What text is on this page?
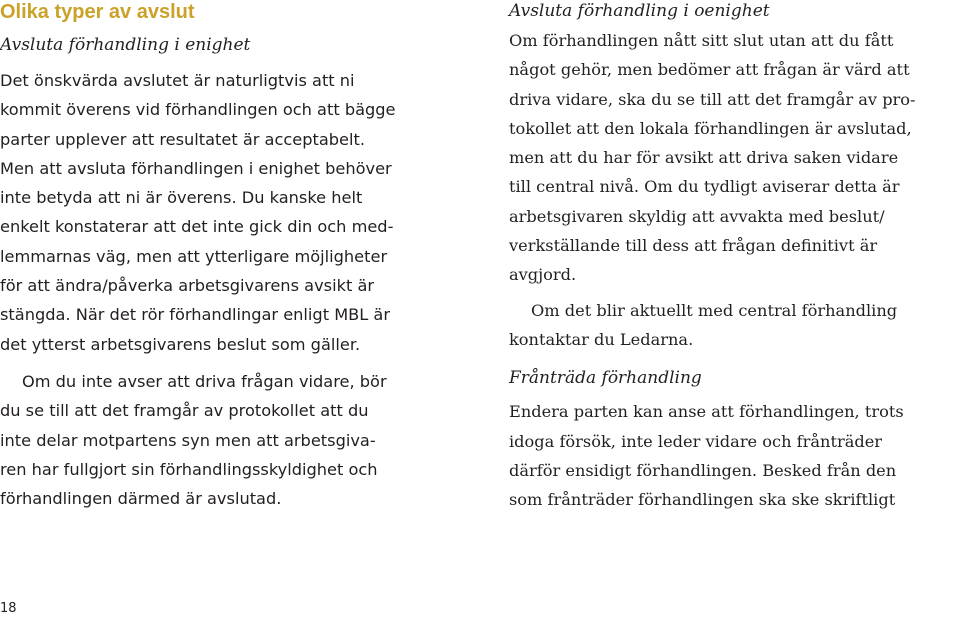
Olika typer av avslut

Avsluta förhandling i enighet

Det önskvärda avslutet är naturligtvis att ni
kommit överens vid förhandlingen och att bägge
parter upplever att resultatet är acceptabelt.
Men att avsluta förhandlingen i enighet behöver
inte betyda att ni är överens. Du kanske helt
enkelt konstaterar att det inte gick din och med-
lemmarnas väg, men att ytterligare möjligheter
för att ändra/påverka arbetsgivarens avsikt är
stängda. När det rör förhandlingar enligt MBL är
det ytterst arbetsgivarens beslut som gäller.

Om du inte avser att driva frågan vidare, bör
du se till att det framgår av protokollet att du
inte delar motpartens syn men att arbetsgiva-
ren har fullgjort sin förhandlingsskyldighet och
förhandlingen därmed är avslutad.

Avsluta förhandling i oenighet

Om förhandlingen nått sitt slut utan att du fått
något gehör, men bedömer att frågan är värd att
driva vidare, ska du se till att det framgår av pro-
tokollet att den lokala förhandlingen är avslutad,
men att du har för avsikt att driva saken vidare
till central nivå. Om du tydligt aviserar detta är
arbetsgivaren skyldig att avvakta med beslut/
verkställande till dess att frågan definitivt är
avgjord.

Om det blir aktuellt med central förhandling
kontaktar du Ledarna.

Frånträda förhandling

Endera parten kan anse att förhandlingen, trots
idoga försök, inte leder vidare och frånträder
därför ensidigt förhandlingen. Besked från den
som frånträder förhandlingen ska ske skriftligt

18
